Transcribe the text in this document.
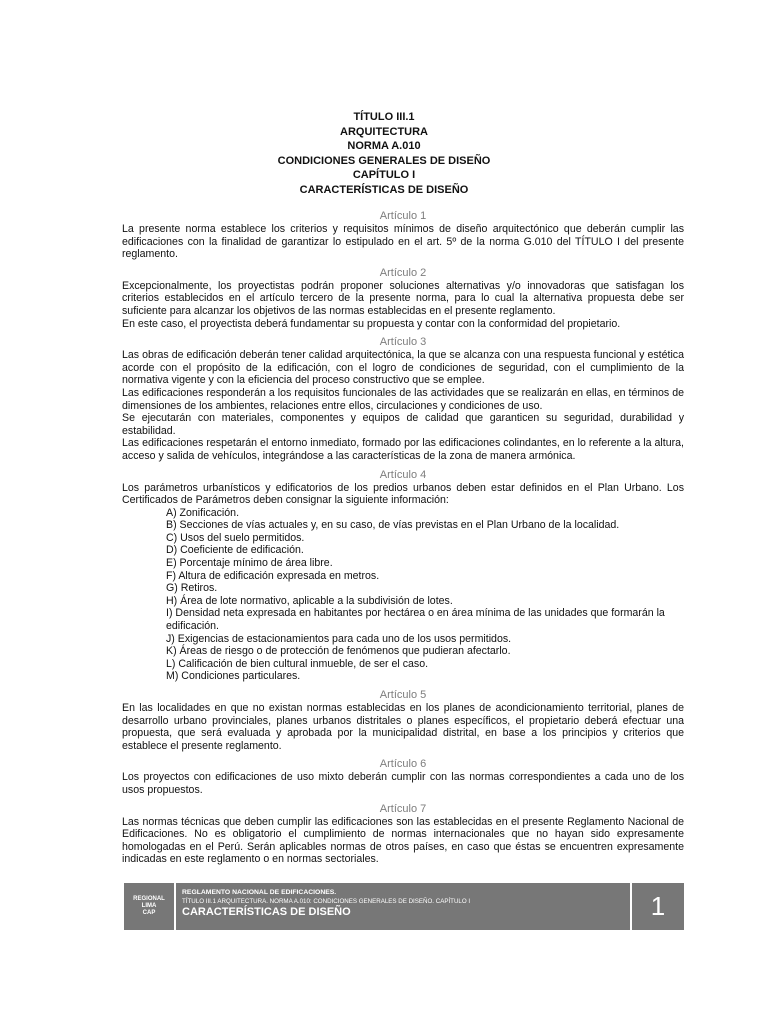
TÍTULO III.1
ARQUITECTURA
NORMA A.010
CONDICIONES GENERALES DE DISEÑO
CAPÍTULO I
CARACTERÍSTICAS DE DISEÑO
Artículo 1

La presente norma establece los criterios y requisitos mínimos de diseño arquitectónico que deberán cumplir las edificaciones con la finalidad de garantizar lo estipulado en el art. 5º de la norma G.010 del TÍTULO I del presente reglamento.

Artículo 2

Excepcionalmente, los proyectistas podrán proponer soluciones alternativas y/o innovadoras que satisfagan los criterios establecidos en el artículo tercero de la presente norma, para lo cual la alternativa propuesta debe ser suficiente para alcanzar los objetivos de las normas establecidas en el presente reglamento.

En este caso, el proyectista deberá fundamentar su propuesta y contar con la conformidad del propietario.

Artículo 3

Las obras de edificación deberán tener calidad arquitectónica, la que se alcanza con una respuesta funcional y estética acorde con el propósito de la edificación, con el logro de condiciones de seguridad, con el cumplimiento de la normativa vigente y con la eficiencia del proceso constructivo que se emplee.

Las edificaciones responderán a los requisitos funcionales de las actividades que se realizarán en ellas, en términos de dimensiones de los ambientes, relaciones entre ellos, circulaciones y condiciones de uso.

Se ejecutarán con materiales, componentes y equipos de calidad que garanticen su seguridad, durabilidad y estabilidad.

Las edificaciones respetarán el entorno inmediato, formado por las edificaciones colindantes, en lo referente a la altura, acceso y salida de vehículos, integrándose a las características de la zona de manera armónica.

Artículo 4

Los parámetros urbanísticos y edificatorios de los predios urbanos deben estar definidos en el Plan Urbano. Los Certificados de Parámetros deben consignar la siguiente información:

A) Zonificación.
B) Secciones de vías actuales y, en su caso, de vías previstas en el Plan Urbano de la localidad.
C) Usos del suelo permitidos.
D) Coeficiente de edificación.
E) Porcentaje mínimo de área libre.
F) Altura de edificación expresada en metros.
G) Retiros.
H) Área de lote normativo, aplicable a la subdivisión de lotes.
I) Densidad neta expresada en habitantes por hectárea o en área mínima de las unidades que formarán la edificación.
J) Exigencias de estacionamientos para cada uno de los usos permitidos.
K) Áreas de riesgo o de protección de fenómenos que pudieran afectarlo.
L) Calificación de bien cultural inmueble, de ser el caso.
M) Condiciones particulares.
Artículo 5

En las localidades en que no existan normas establecidas en los planes de acondicionamiento territorial, planes de desarrollo urbano provinciales, planes urbanos distritales o planes específicos, el propietario deberá efectuar una propuesta, que será evaluada y aprobada por la municipalidad distrital, en base a los principios y criterios que establece el presente reglamento.

Artículo 6

Los proyectos con edificaciones de uso mixto deberán cumplir con las normas correspondientes a cada uno de los usos propuestos.

Artículo 7

Las normas técnicas que deben cumplir las edificaciones son las establecidas en el presente Reglamento Nacional de Edificaciones. No es obligatorio el cumplimiento de normas internacionales que no hayan sido expresamente homologadas en el Perú. Serán aplicables normas de otros países, en caso que éstas se encuentren expresamente indicadas en este reglamento o en normas sectoriales.

REGIONAL
LIMA
CAP
REGLAMENTO NACIONAL DE EDIFICACIONES.
TÍTULO III.1 ARQUITECTURA. NORMA A.010: CONDICIONES GENERALES DE DISEÑO. CAPÍTULO I
CARACTERÍSTICAS DE DISEÑO	1
